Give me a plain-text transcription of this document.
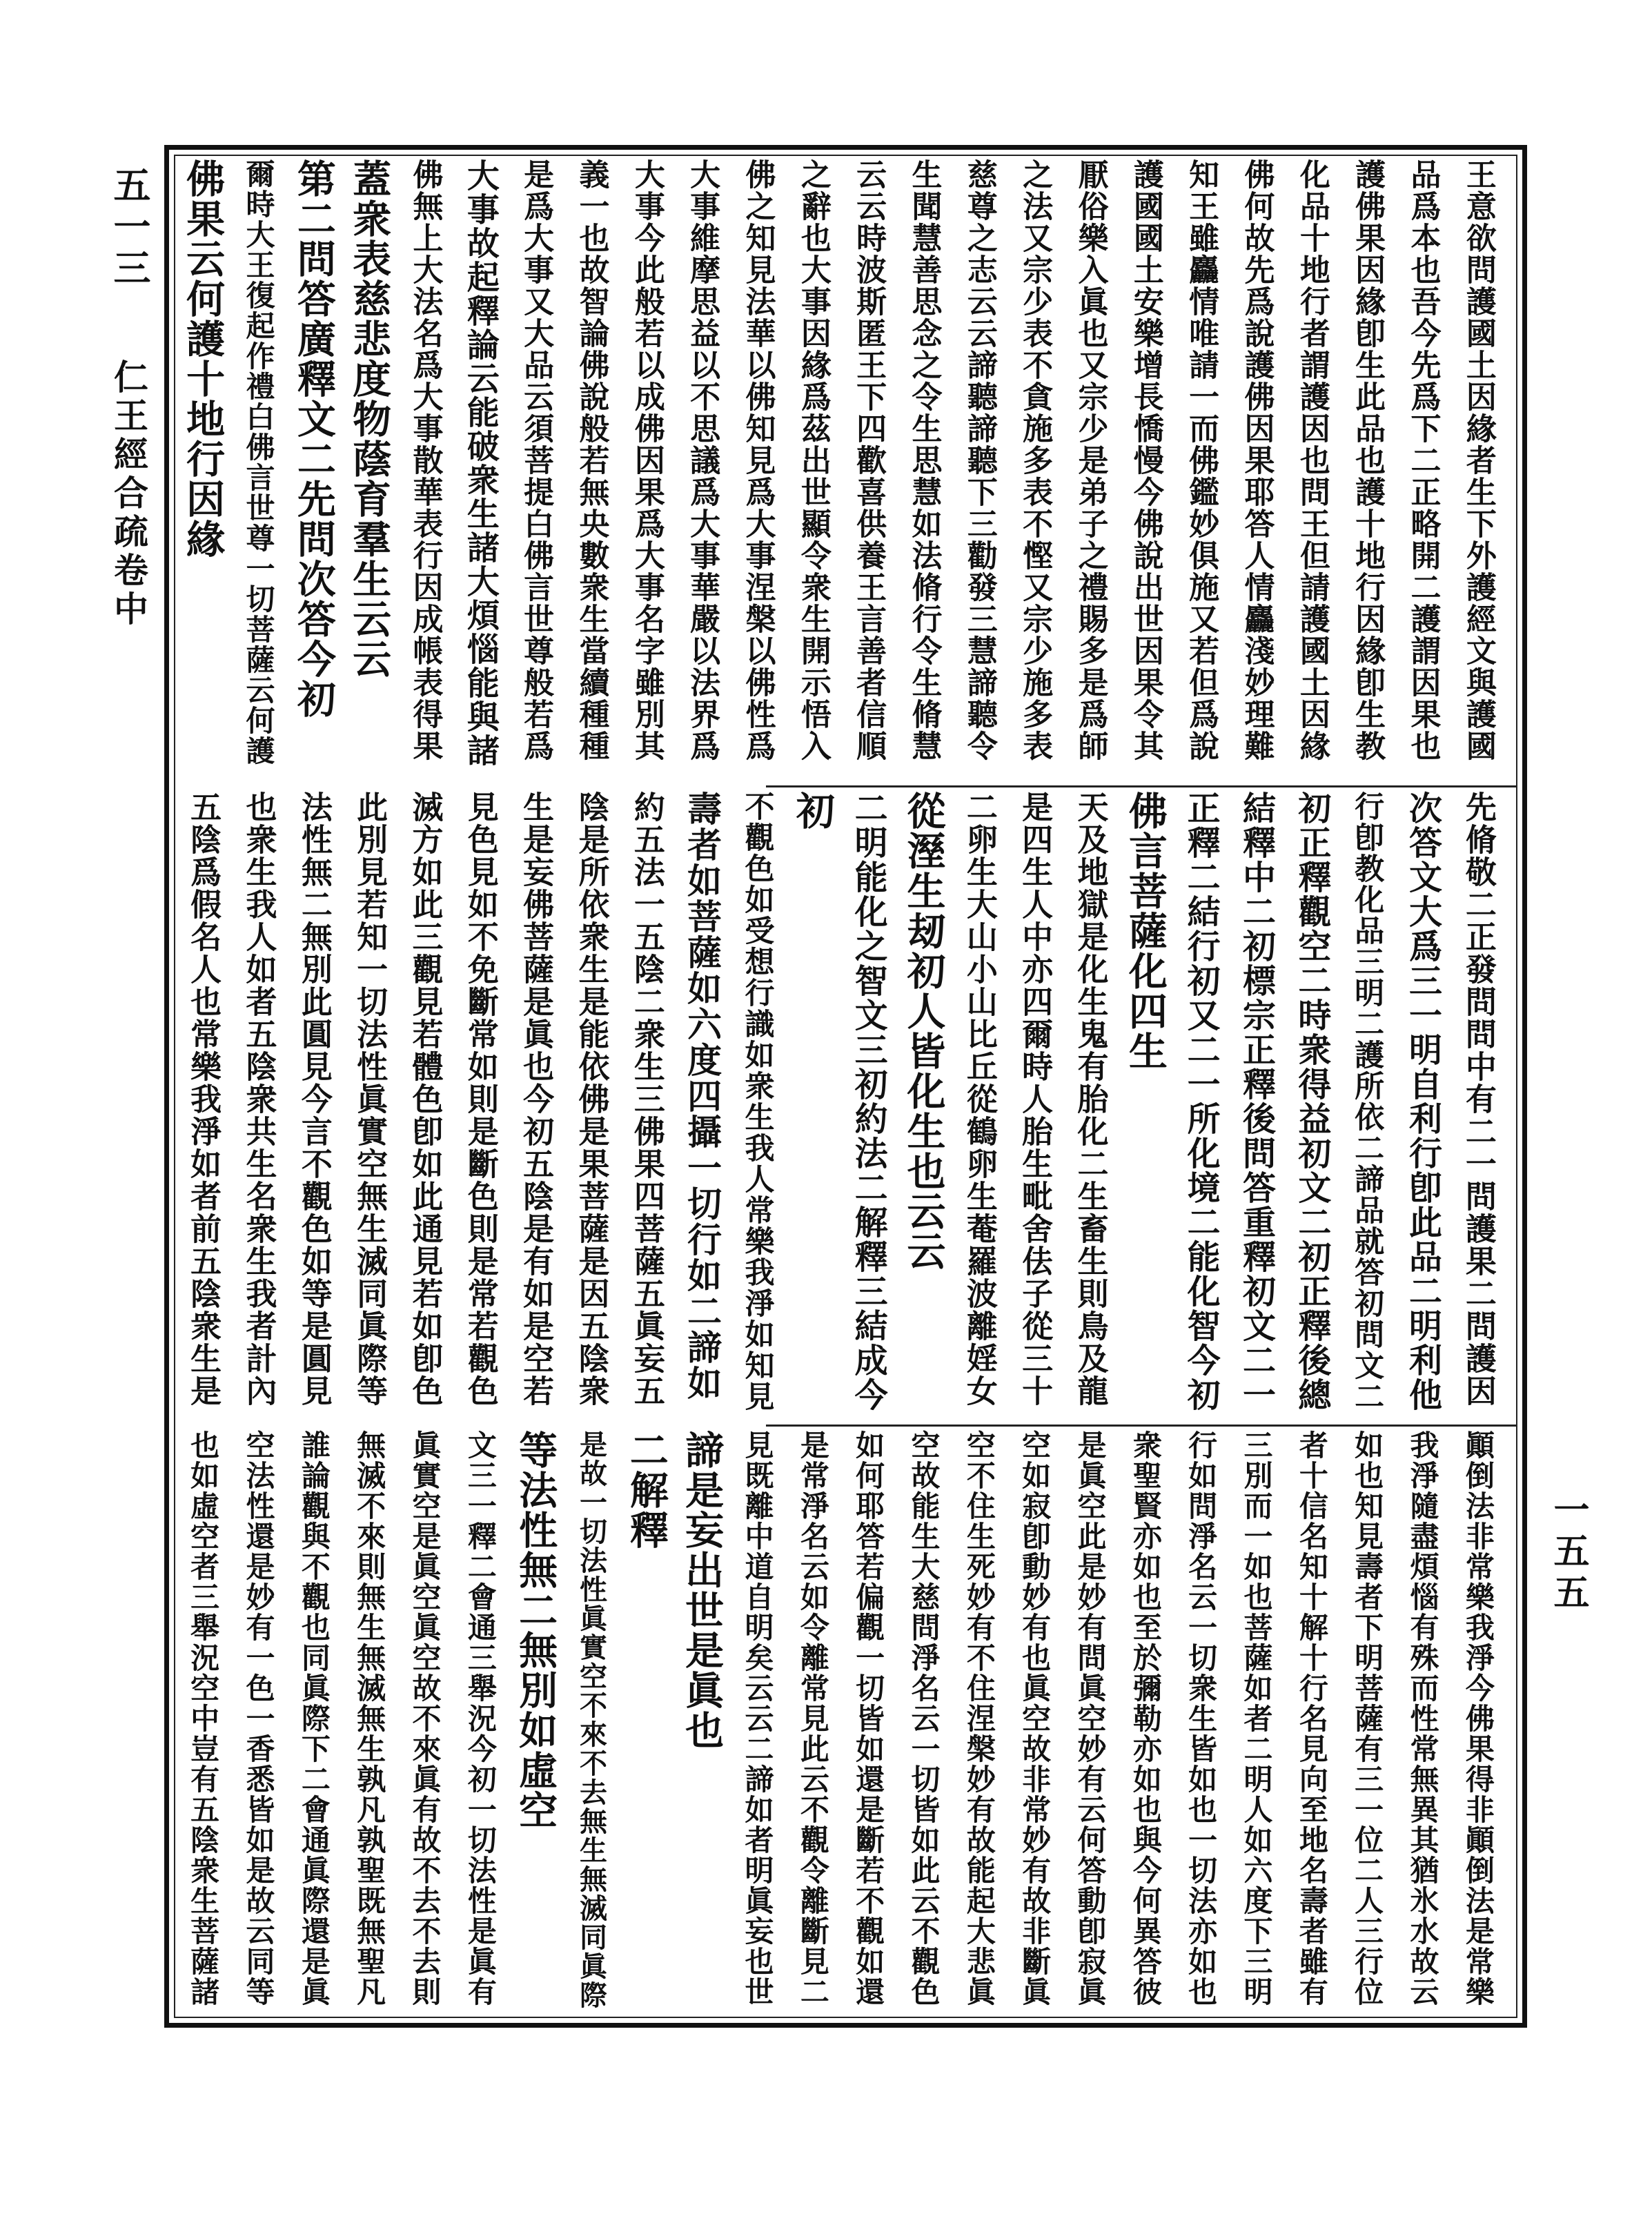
五一三
仁王經合疏卷中
一五五
王意欲問護國土因緣者生下外護經文與護國
品爲本也吾今先爲下二正略開二護謂因果也
護佛果因緣卽生此品也護十地行因緣卽生教
化品十地行者謂護因也問王但請護國土因緣
佛何故先爲說護佛因果耶答人情麤淺妙理難
知王雖麤情唯請一而佛鑑妙俱施又若但爲說
護國國土安樂增長憍慢今佛說出世因果令其
厭俗樂入眞也又宗少是弟子之禮賜多是爲師
之法又宗少表不貪施多表不慳又宗少施多表
慈尊之志云云諦聽諦聽下三勸發三慧諦聽令
生聞慧善思念之令生思慧如法脩行令生脩慧
云云時波斯匿王下四歡喜供養王言善者信順
之辭也大事因緣爲茲出世顯令衆生開示悟入
佛之知見法華以佛知見爲大事涅槃以佛性爲
大事維摩思益以不思議爲大事華嚴以法界爲
大事今此般若以成佛因果爲大事名字雖別其
義一也故智論佛說般若無央數衆生當續種種
是爲大事又大品云須菩提白佛言世尊般若爲
大事故起釋論云能破衆生諸大煩惱能與諸
佛無上大法名爲大事散華表行因成帳表得果
蓋衆表慈悲度物蔭育羣生云云
第二問答廣釋文二先問次答今初
爾時大王復起作禮白佛言世尊一切菩薩云何護
佛果云何護十地行因緣
先脩敬二正發問問中有二一問護果二問護因
次答文大爲三一明自利行卽此品二明利他
行卽教化品三明二護所依二諦品就答初問文二
初正釋觀空二時衆得益初文二初正釋後總
結釋中二初標宗正釋後問答重釋初文二一
正釋二結行初又二一所化境二能化智今初
佛言菩薩化四生
天及地獄是化生鬼有胎化二生畜生則鳥及龍
是四生人中亦四爾時人胎生毗舍佉子從三十
二卵生大山小山比丘從鶴卵生菴羅波離婬女
從溼生刼初人皆化生也云云
二明能化之智文三初約法二解釋三結成今
初
不觀色如受想行識如衆生我人常樂我淨如知見
壽者如菩薩如六度四攝一切行如二諦如
約五法一五陰二衆生三佛果四菩薩五眞妄五
陰是所依衆生是能依佛是果菩薩是因五陰衆
生是妄佛菩薩是眞也今初五陰是有如是空若
見色見如不免斷常如則是斷色則是常若觀色
滅方如此三觀見若體色卽如此通見若如卽色
此別見若知一切法性眞實空無生滅同眞際等
法性無二無別此圓見今言不觀色如等是圓見
也衆生我人如者五陰衆共生名衆生我者計內
五陰爲假名人也常樂我淨如者前五陰衆生是
顚倒法非常樂我淨今佛果得非顚倒法是常樂
我淨隨盡煩惱有殊而性常無異其猶氷水故云
如也知見壽者下明菩薩有三一位二人三行位
者十信名知十解十行名見向至地名壽者雖有
三別而一如也菩薩如者二明人如六度下三明
行如問淨名云一切衆生皆如也一切法亦如也
衆聖賢亦如也至於彌勒亦如也與今何異答彼
是眞空此是妙有問眞空妙有云何答動卽寂眞
空如寂卽動妙有也眞空故非常妙有故非斷眞
空不住生死妙有不住涅槃妙有故能起大悲眞
空故能生大慈問淨名云一切皆如此云不觀色
如何耶答若偏觀一切皆如還是斷若不觀如還
是常淨名云如令離常見此云不觀令離斷見二
見既離中道自明矣云云二諦如者明眞妄也世
諦是妄出世是眞也
二解釋
是故一切法性眞實空不來不去無生無滅同眞際
等法性無二無別如虛空
文三一釋二會通三舉況今初一切法性是眞有
眞實空是眞空眞空故不來眞有故不去不去則
無滅不來則無生無滅無生孰凡孰聖既無聖凡
誰論觀與不觀也同眞際下二會通眞際還是眞
空法性還是妙有一色一香悉皆如是故云同等
也如虛空者三舉況空中豈有五陰衆生菩薩諸
